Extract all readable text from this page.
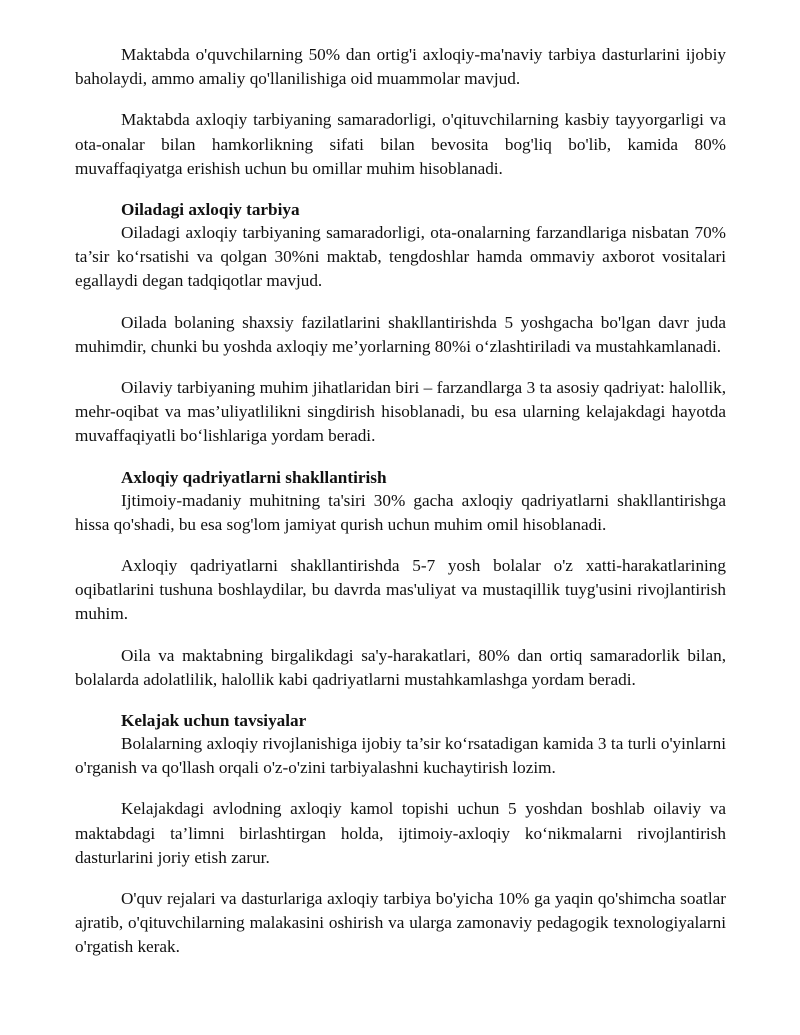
Maktabda o'quvchilarning 50% dan ortig'i axloqiy-ma'naviy tarbiya dasturlarini ijobiy baholaydi, ammo amaliy qo'llanilishiga oid muammolar mavjud.

Maktabda axloqiy tarbiyaning samaradorligi, o'qituvchilarning kasbiy tayyorgarligi va ota-onalar bilan hamkorlikning sifati bilan bevosita bog'liq bo'lib, kamida 80% muvaffaqiyatga erishish uchun bu omillar muhim hisoblanadi.

Oiladagi axloqiy tarbiya

Oiladagi axloqiy tarbiyaning samaradorligi, ota-onalarning farzandlariga nisbatan 70% ta’sir ko‘rsatishi va qolgan 30%ni maktab, tengdoshlar hamda ommaviy axborot vositalari egallaydi degan tadqiqotlar mavjud.

Oilada bolaning shaxsiy fazilatlarini shakllantirishda 5 yoshgacha bo'lgan davr juda muhimdir, chunki bu yoshda axloqiy me’yorlarning 80%i o‘zlashtiriladi va mustahkamlanadi.

Oilaviy tarbiyaning muhim jihatlaridan biri – farzandlarga 3 ta asosiy qadriyat: halollik, mehr-oqibat va mas’uliyatlilikni singdirish hisoblanadi, bu esa ularning kelajakdagi hayotda muvaffaqiyatli bo‘lishlariga yordam beradi.

Axloqiy qadriyatlarni shakllantirish

Ijtimoiy-madaniy muhitning ta'siri 30% gacha axloqiy qadriyatlarni shakllantirishga hissa qo'shadi, bu esa sog'lom jamiyat qurish uchun muhim omil hisoblanadi.

Axloqiy qadriyatlarni shakllantirishda 5-7 yosh bolalar o'z xatti-harakatlarining oqibatlarini tushuna boshlaydilar, bu davrda mas'uliyat va mustaqillik tuyg'usini rivojlantirish muhim.

Oila va maktabning birgalikdagi sa'y-harakatlari, 80% dan ortiq samaradorlik bilan, bolalarda adolatlilik, halollik kabi qadriyatlarni mustahkamlashga yordam beradi.

Kelajak uchun tavsiyalar

Bolalarning axloqiy rivojlanishiga ijobiy ta’sir ko‘rsatadigan kamida 3 ta turli o'yinlarni o'rganish va qo'llash orqali o'z-o'zini tarbiyalashni kuchaytirish lozim.

Kelajakdagi avlodning axloqiy kamol topishi uchun 5 yoshdan boshlab oilaviy va maktabdagi ta’limni birlashtirgan holda, ijtimoiy-axloqiy ko‘nikmalarni rivojlantirish dasturlarini joriy etish zarur.

O'quv rejalari va dasturlariga axloqiy tarbiya bo'yicha 10% ga yaqin qo'shimcha soatlar ajratib, o'qituvchilarning malakasini oshirish va ularga zamonaviy pedagogik texnologiyalarni o'rgatish kerak.
